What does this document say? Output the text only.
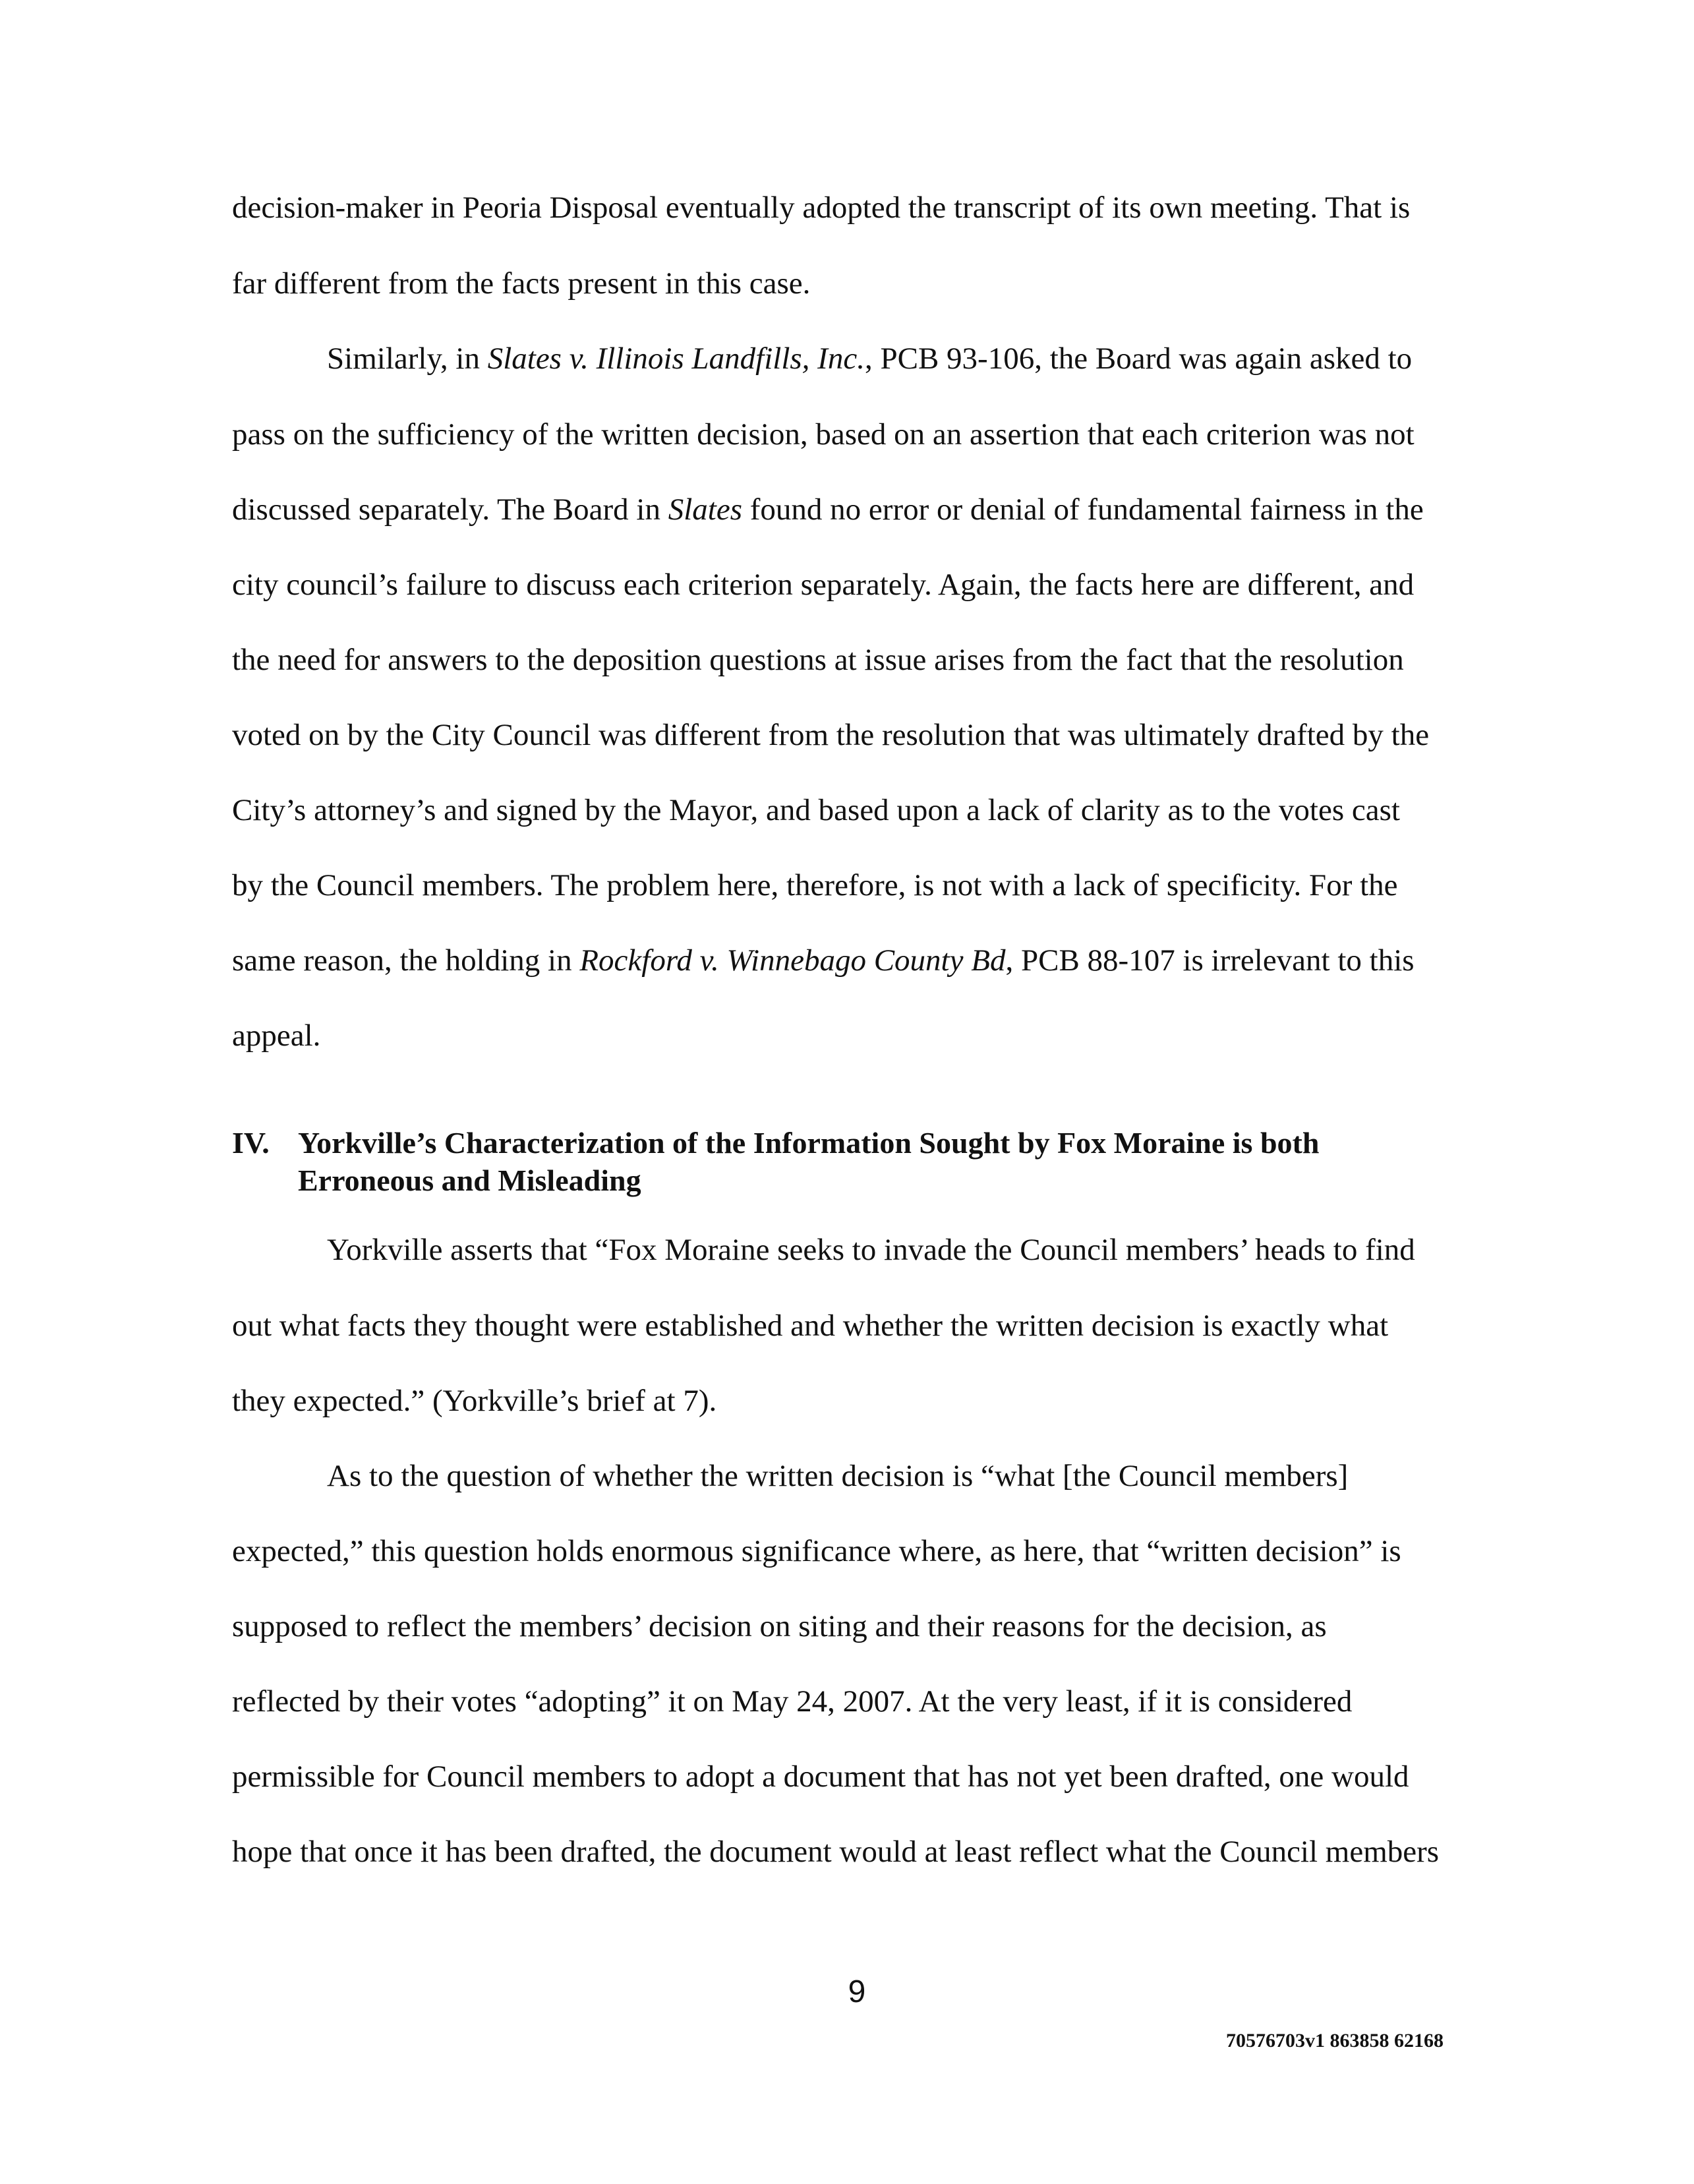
decision-maker in Peoria Disposal eventually adopted the transcript of its own meeting. That is
far different from the facts present in this case.
Similarly, in Slates v. Illinois Landfills, Inc., PCB 93-106, the Board was again asked to
pass on the sufficiency of the written decision, based on an assertion that each criterion was not
discussed separately. The Board in Slates found no error or denial of fundamental fairness in the
city council’s failure to discuss each criterion separately. Again, the facts here are different, and
the need for answers to the deposition questions at issue arises from the fact that the resolution
voted on by the City Council was different from the resolution that was ultimately drafted by the
City’s attorney’s and signed by the Mayor, and based upon a lack of clarity as to the votes cast
by the Council members. The problem here, therefore, is not with a lack of specificity. For the
same reason, the holding in Rockford v. Winnebago County Bd, PCB 88-107 is irrelevant to this
appeal.
IV. Yorkville’s Characterization of the Information Sought by Fox Moraine is both
Erroneous and Misleading
Yorkville asserts that “Fox Moraine seeks to invade the Council members’ heads to find
out what facts they thought were established and whether the written decision is exactly what
they expected.” (Yorkville’s brief at 7).
As to the question of whether the written decision is “what [the Council members]
expected,” this question holds enormous significance where, as here, that “written decision” is
supposed to reflect the members’ decision on siting and their reasons for the decision, as
reflected by their votes “adopting” it on May 24, 2007. At the very least, if it is considered
permissible for Council members to adopt a document that has not yet been drafted, one would
hope that once it has been drafted, the document would at least reflect what the Council members
9
70576703v1 863858 62168
